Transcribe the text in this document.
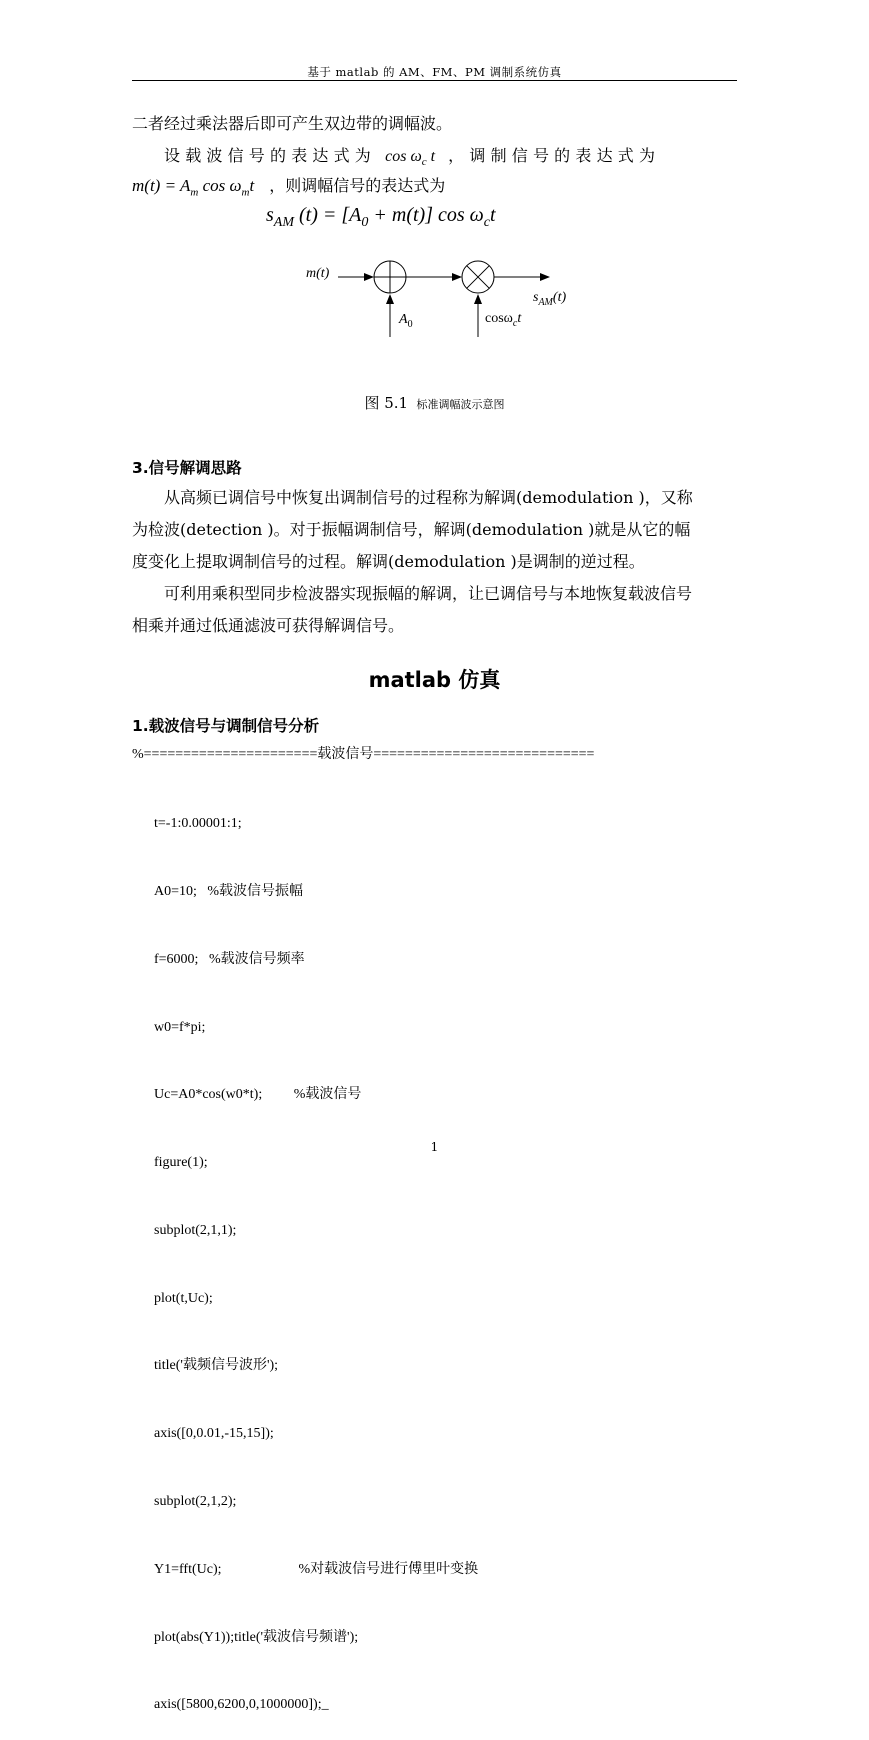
基于 matlab 的 AM、FM、PM 调制系统仿真
二者经过乘法器后即可产生双边带的调幅波。
设载波信号的表达式为 $\cos \omega_c$ t ，调制信号的表达式为
$m(t) = A_m$ $\cos \omega_mt$ ，则调幅信号的表达式为
$s_{AM}$ $(t) = [A_0 + m(t)]$ $\cos \omega_ct$
m(t)
$A_0$	cosω$_c$t
$s_{AM}(t)$
图 5.1 标准调幅波示意图
3.信号解调思路
从高频已调信号中恢复出调制信号的过程称为解调(demodulation )，又称
为检波(detection )。对于振幅调制信号，解调(demodulation )就是从它的幅
度变化上提取调制信号的过程。解调(demodulation )是调制的逆过程。
可利用乘积型同步检波器实现振幅的解调，让已调信号与本地恢复载波信号
相乘并通过低通滤波可获得解调信号。
matlab 仿真
1.载波信号与调制信号分析
%======================载波信号============================

t=-1:0.00001:1;

A0=10;   %载波信号振幅

f=6000;   %载波信号频率

w0=f*pi;

Uc=A0*cos(w0*t);         %载波信号

figure(1);

subplot(2,1,1);

plot(t,Uc);

title('载频信号波形');

axis([0,0.01,-15,15]);

subplot(2,1,2);

Y1=fft(Uc);                      %对载波信号进行傅里叶变换

plot(abs(Y1));title('载波信号频谱');

axis([5800,6200,0,1000000]);_

1
